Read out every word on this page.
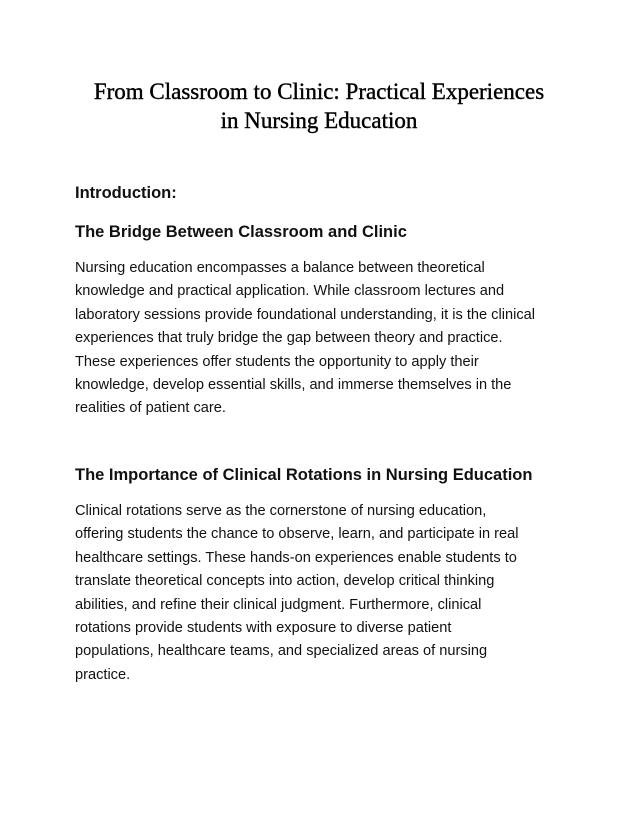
From Classroom to Clinic: Practical Experiences
in Nursing Education
Introduction:
The Bridge Between Classroom and Clinic

Nursing education encompasses a balance between theoretical
knowledge and practical application. While classroom lectures and
laboratory sessions provide foundational understanding, it is the clinical
experiences that truly bridge the gap between theory and practice.
These experiences offer students the opportunity to apply their
knowledge, develop essential skills, and immerse themselves in the
realities of patient care.

The Importance of Clinical Rotations in Nursing Education

Clinical rotations serve as the cornerstone of nursing education,
offering students the chance to observe, learn, and participate in real
healthcare settings. These hands-on experiences enable students to
translate theoretical concepts into action, develop critical thinking
abilities, and refine their clinical judgment. Furthermore, clinical
rotations provide students with exposure to diverse patient
populations, healthcare teams, and specialized areas of nursing
practice.
